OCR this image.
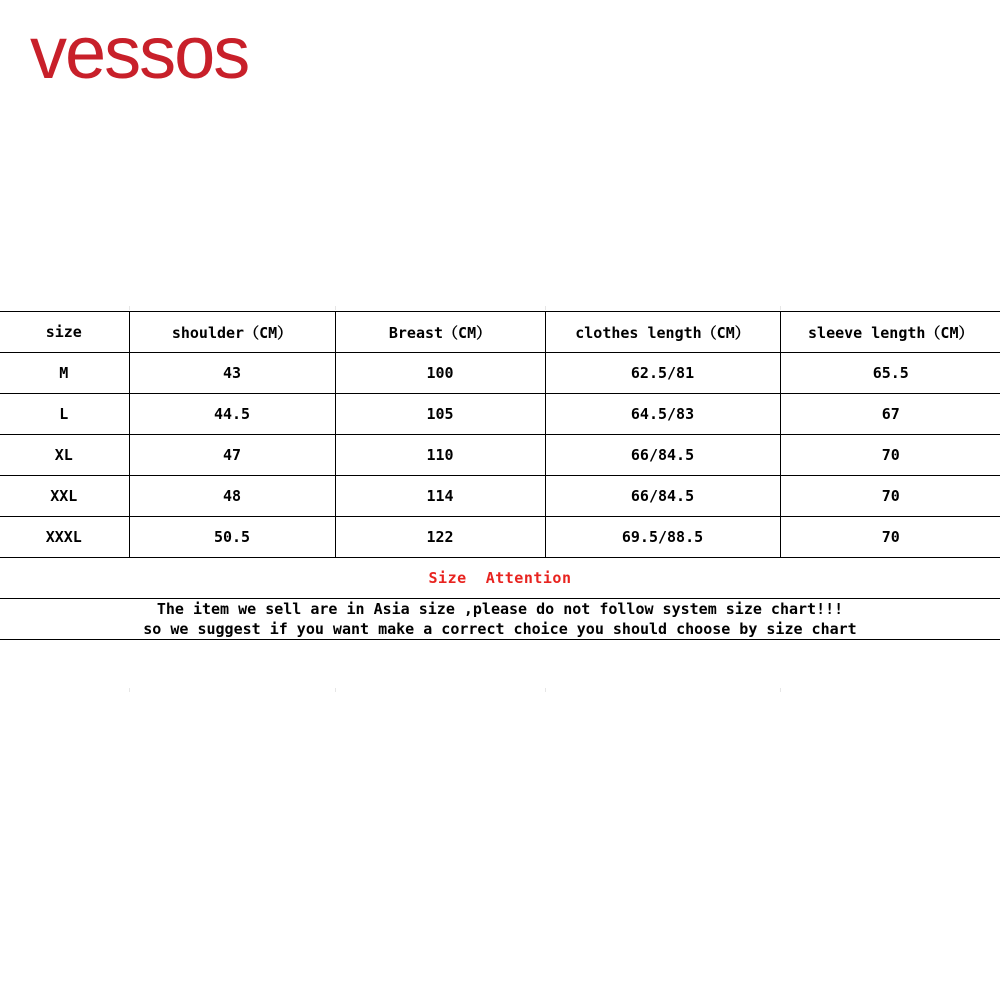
vessos
size	shoulder（CM）	Breast（CM）	clothes length（CM）	sleeve length（CM）
M	43	100	62.5/81	65.5
L	44.5	105	64.5/83	67
XL	47	110	66/84.5	70
XXL	48	114	66/84.5	70
XXXL	50.5	122	69.5/88.5	70
Size  Attention				

The item we sell are in Asia size ,please do not follow system size chart!!!
so we suggest if you want make a correct choice you should choose by size chart				
